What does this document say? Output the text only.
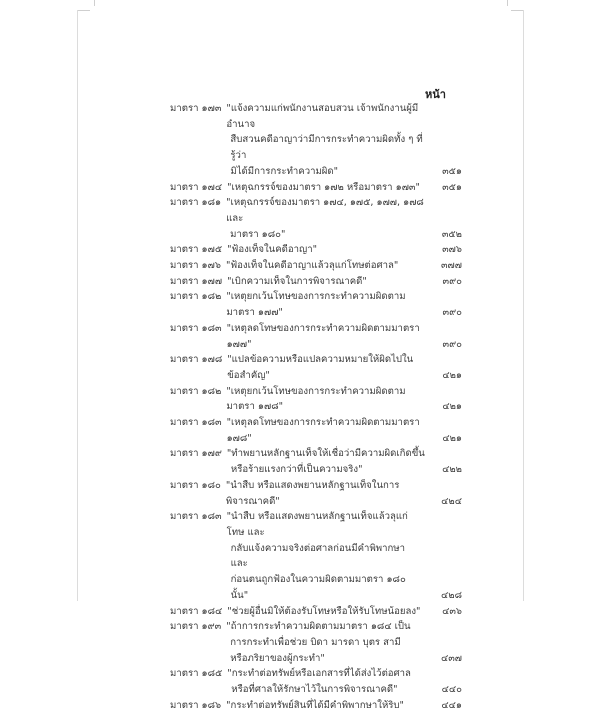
หน้า
มาตรา ๑๗๓ "แจ้งความแก่พนักงานสอบสวน เจ้าพนักงานผู้มีอำนาจ
สืบสวนคดีอาญาว่ามีการกระทำความผิดทั้ง ๆ ที่รู้ว่า
มิได้มีการกระทำความผิด"	๓๕๑
มาตรา ๑๗๔ "เหตุฉกรรจ์ของมาตรา ๑๗๒ หรือมาตรา ๑๗๓"	๓๕๑
มาตรา ๑๘๑ "เหตุฉกรรจ์ของมาตรา ๑๗๔, ๑๗๕, ๑๗๗, ๑๗๘ และ
มาตรา ๑๘๐"	๓๕๒
มาตรา ๑๗๕ "ฟ้องเท็จในคดีอาญา"	๓๗๖
มาตรา ๑๗๖ "ฟ้องเท็จในคดีอาญาแล้วลุแก่โทษต่อศาล"	๓๗๗
มาตรา ๑๗๗ "เบิกความเท็จในการพิจารณาคดี"	๓๙๐
มาตรา ๑๘๒ "เหตุยกเว้นโทษของการกระทำความผิดตามมาตรา ๑๗๗"	๓๙๐
มาตรา ๑๘๓ "เหตุลดโทษของการกระทำความผิดตามมาตรา ๑๗๗"	๓๙๐
มาตรา ๑๗๘ "แปลข้อความหรือแปลความหมายให้ผิดไปในข้อสำคัญ"	๔๒๑
มาตรา ๑๘๒ "เหตุยกเว้นโทษของการกระทำความผิดตามมาตรา ๑๗๘"	๔๒๑
มาตรา ๑๘๓ "เหตุลดโทษของการกระทำความผิดตามมาตรา ๑๗๘"	๔๒๑
มาตรา ๑๗๙ "ทำพยานหลักฐานเท็จให้เชื่อว่ามีความผิดเกิดขึ้น
หรือร้ายแรงกว่าที่เป็นความจริง"	๔๒๒
มาตรา ๑๘๐ "นำสืบ หรือแสดงพยานหลักฐานเท็จในการพิจารณาคดี"	๔๒๔
มาตรา ๑๘๓ "นำสืบ หรือแสดงพยานหลักฐานเท็จแล้วลุแก่โทษ และ
กลับแจ้งความจริงต่อศาลก่อนมีคำพิพากษา และ
ก่อนตนถูกฟ้องในความผิดตามมาตรา ๑๘๐ นั้น"	๔๒๘
มาตรา ๑๘๔ "ช่วยผู้อื่นมิให้ต้องรับโทษหรือให้รับโทษน้อยลง"	๔๓๖
มาตรา ๑๙๓ "ถ้าการกระทำความผิดตามมาตรา ๑๘๔ เป็น
การกระทำเพื่อช่วย บิดา มารดา บุตร สามี
หรือภริยาของผู้กระทำ"	๔๓๗
มาตรา ๑๘๕ "กระทำต่อทรัพย์หรือเอกสารที่ได้ส่งไว้ต่อศาล
หรือที่ศาลให้รักษาไว้ในการพิจารณาคดี"	๔๔๐
มาตรา ๑๘๖ "กระทำต่อทรัพย์สินที่ได้มีคำพิพากษาให้ริบ"	๔๔๑
